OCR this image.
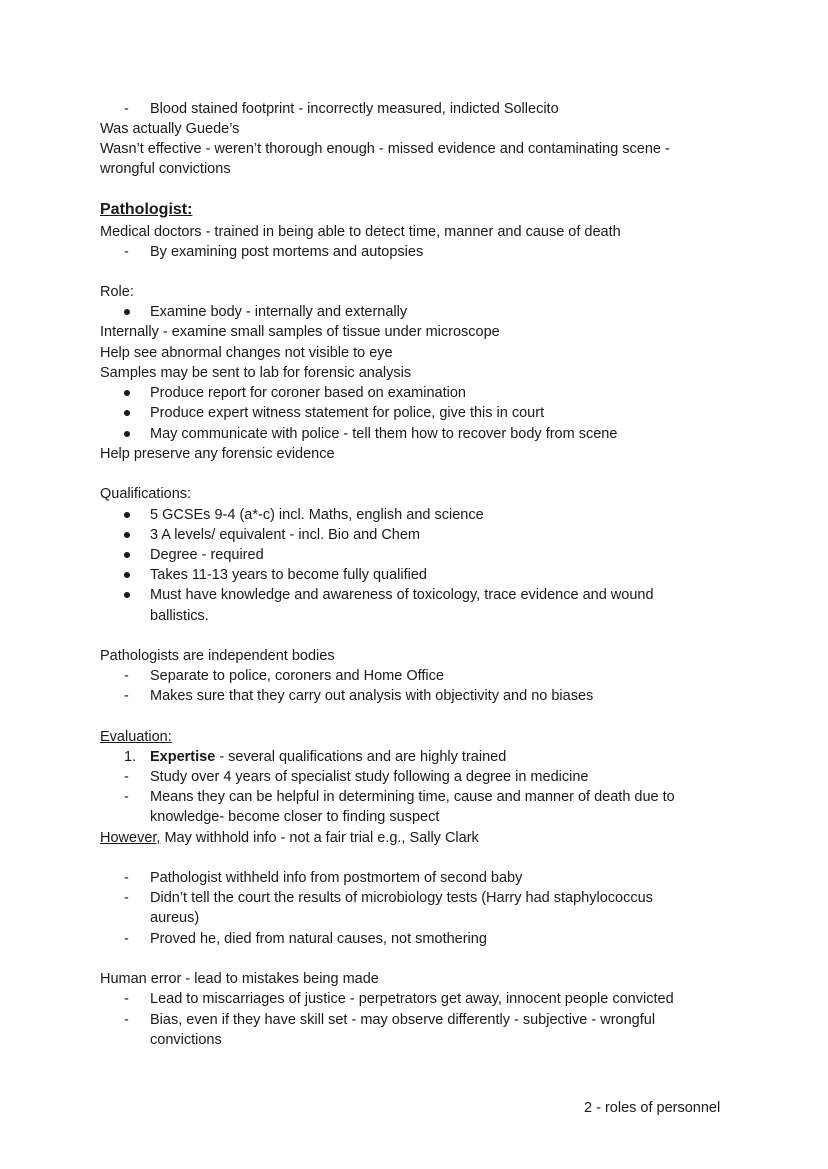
- Blood stained footprint - incorrectly measured, indicted Sollecito
Was actually Guede’s
Wasn’t effective - weren’t thorough enough - missed evidence and contaminating scene -
wrongful convictions
Pathologist:
Medical doctors - trained in being able to detect time, manner and cause of death
- By examining post mortems and autopsies
Role:
Examine body - internally and externally
Internally - examine small samples of tissue under microscope
Help see abnormal changes not visible to eye
Samples may be sent to lab for forensic analysis
Produce report for coroner based on examination
Produce expert witness statement for police, give this in court
May communicate with police - tell them how to recover body from scene
Help preserve any forensic evidence
Qualifications:
5 GCSEs 9-4 (a*-c) incl. Maths, english and science
3 A levels/ equivalent - incl. Bio and Chem
Degree - required
Takes 11-13 years to become fully qualified
Must have knowledge and awareness of toxicology, trace evidence and wound
ballistics.
Pathologists are independent bodies
- Separate to police, coroners and Home Office
- Makes sure that they carry out analysis with objectivity and no biases
Evaluation:
1. Expertise - several qualifications and are highly trained
- Study over 4 years of specialist study following a degree in medicine
- Means they can be helpful in determining time, cause and manner of death due to
knowledge- become closer to finding suspect
However, May withhold info - not a fair trial e.g., Sally Clark
- Pathologist withheld info from postmortem of second baby
- Didn’t tell the court the results of microbiology tests (Harry had staphylococcus
aureus)
- Proved he, died from natural causes, not smothering
Human error - lead to mistakes being made
- Lead to miscarriages of justice - perpetrators get away, innocent people convicted
- Bias, even if they have skill set - may observe differently - subjective - wrongful
convictions
2 - roles of personnel
